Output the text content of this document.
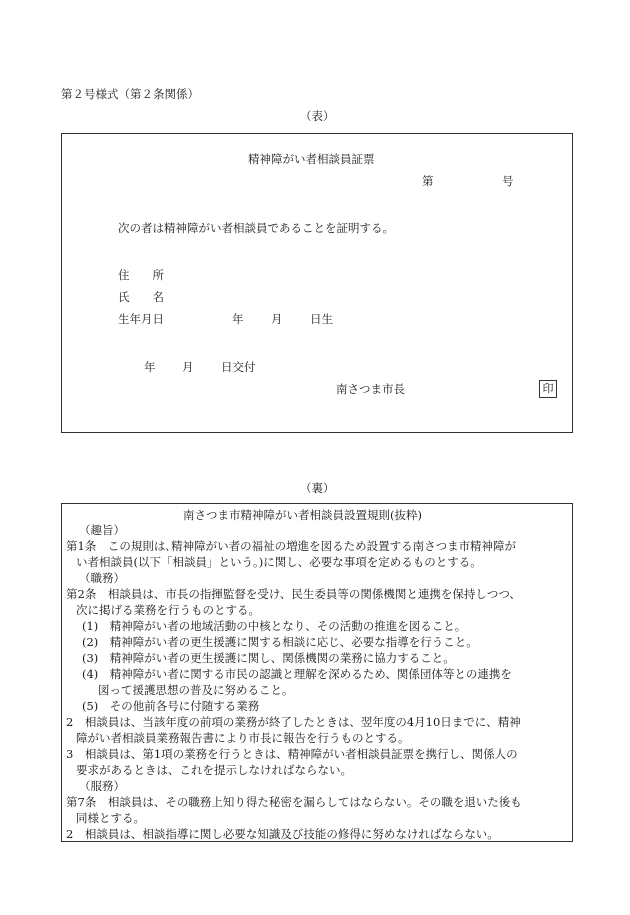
第２号様式（第２条関係）
（表）
精神障がい者相談員証票
第	号
次の者は精神障がい者相談員であることを証明する。
住　　所
氏　　名
生年月日	年 月 日生
年 月 日交付
南さつま市長	印
（裏）
南さつま市精神障がい者相談員設置規則(抜粋)
（趣旨）
第1条　この規則は､精神障がい者の福祉の増進を図るため設置する南さつま市精神障が
い者相談員(以下「相談員」という。)に関し、必要な事項を定めるものとする。
（職務）
第2条　相談員は、市長の指揮監督を受け、民生委員等の関係機関と連携を保持しつつ、
次に掲げる業務を行うものとする。
(1)　精神障がい者の地域活動の中核となり、その活動の推進を図ること。
(2)　精神障がい者の更生援護に関する相談に応じ、必要な指導を行うこと。
(3)　精神障がい者の更生援護に関し、関係機関の業務に協力すること。
(4)　精神障がい者に関する市民の認識と理解を深めるため、関係団体等との連携を
図って援護思想の普及に努めること。
(5)　その他前各号に付随する業務
2　相談員は、当該年度の前項の業務が終了したときは、翌年度の4月10日までに、精神
障がい者相談員業務報告書により市長に報告を行うものとする。
3　相談員は、第1項の業務を行うときは、精神障がい者相談員証票を携行し、関係人の
要求があるときは、これを提示しなければならない。
（服務）
第7条　相談員は、その職務上知り得た秘密を漏らしてはならない。その職を退いた後も
同様とする。
2　相談員は、相談指導に関し必要な知識及び技能の修得に努めなければならない。
